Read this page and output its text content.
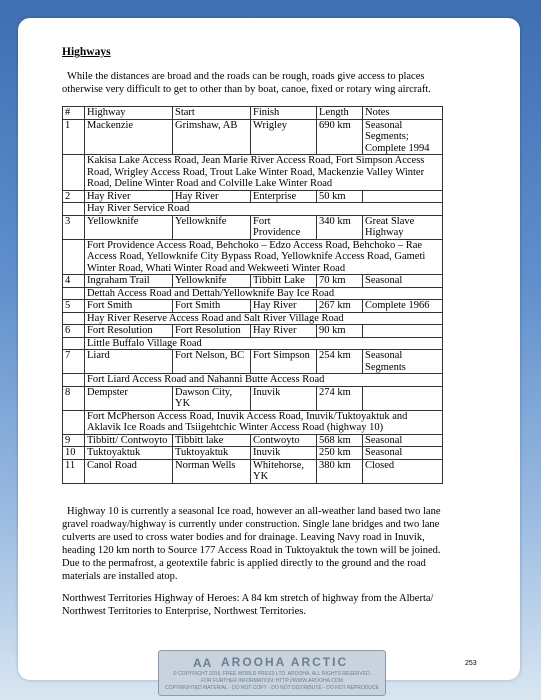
Highways
While the distances are broad and the roads can be rough, roads give access to places otherwise very difficult to get to other than by boat, canoe, fixed or rotary wing aircraft.
#	Highway	Start	Finish	Length	Notes
1	Mackenzie	Grimshaw, AB	Wrigley	690 km	Seasonal Segments; Complete 1994
	Kakisa Lake Access Road, Jean Marie River Access Road, Fort Simpson Access Road, Wrigley Access Road, Trout Lake Winter Road, Mackenzie Valley Winter Road, Deline Winter Road and Colville Lake Winter Road				
2	Hay River	Hay River	Enterprise	50 km	
	Hay River Service Road				
3	Yellowknife	Yellowknife	Fort Providence	340 km	Great Slave Highway
	Fort Providence Access Road, Behchoko – Edzo Access Road, Behchoko – Rae Access Road, Yellowknife City Bypass Road, Yellowknife Access Road, Gameti Winter Road, Whati Winter Road and Wekweeti Winter Road				
4	Ingraham Trail	Yellowknife	Tibbitt Lake	70 km	Seasonal
	Dettah Access Road and Dettah/Yellowknife Bay Ice Road				
5	Fort Smith	Fort Smith	Hay River	267 km	Complete 1966
	Hay River Reserve Access Road and Salt River Village Road				
6	Fort Resolution	Fort Resolution	Hay River	90 km	
	Little Buffalo Village Road				
7	Liard	Fort Nelson, BC	Fort Simpson	254 km	Seasonal Segments
	Fort Liard Access Road and Nahanni Butte Access Road				
8	Dempster	Dawson City, YK	Inuvik	274 km	
	Fort McPherson Access Road, Inuvik Access Road, Inuvik/Tuktoyaktuk and Aklavik Ice Roads and Tsiigehtchic Winter Access Road (highway 10)				
9	Tibbitt/ Contwoyto	Tibbitt lake	Contwoyto	568 km	Seasonal
10	Tuktoyaktuk	Tuktoyaktuk	Inuvik	250 km	Seasonal
11	Canol Road	Norman Wells	Whitehorse, YK	380 km	Closed
Highway 10 is currently a seasonal Ice road, however an all-weather land based two lane gravel roadway/highway is currently under construction. Single lane bridges and two lane culverts are used to cross water bodies and for drainage. Leaving Navy road in Inuvik, heading 120 km north to Source 177 Access Road in Tuktoyaktuk the town will be joined. Due to the permafrost, a geotextile fabric is applied directly to the ground and the road materials are installed atop.
Northwest Territories Highway of Heroes: A 84 km stretch of highway from the Alberta/ Northwest Territories to Enterprise, Northwest Territories.
AA AROOHA ARCTIC
© COPYRIGHT 2016, FREE WORLD PRESS LTD. AROOHA. ALL RIGHTS RESERVED.
FOR FURTHER INFORMATION: HTTP://WWW.AROOHA.COM
COPYRIGHTED MATERIAL - DO NOT COPY - DO NOT DISTRIBUTE - DO NOT REPRODUCE
253
